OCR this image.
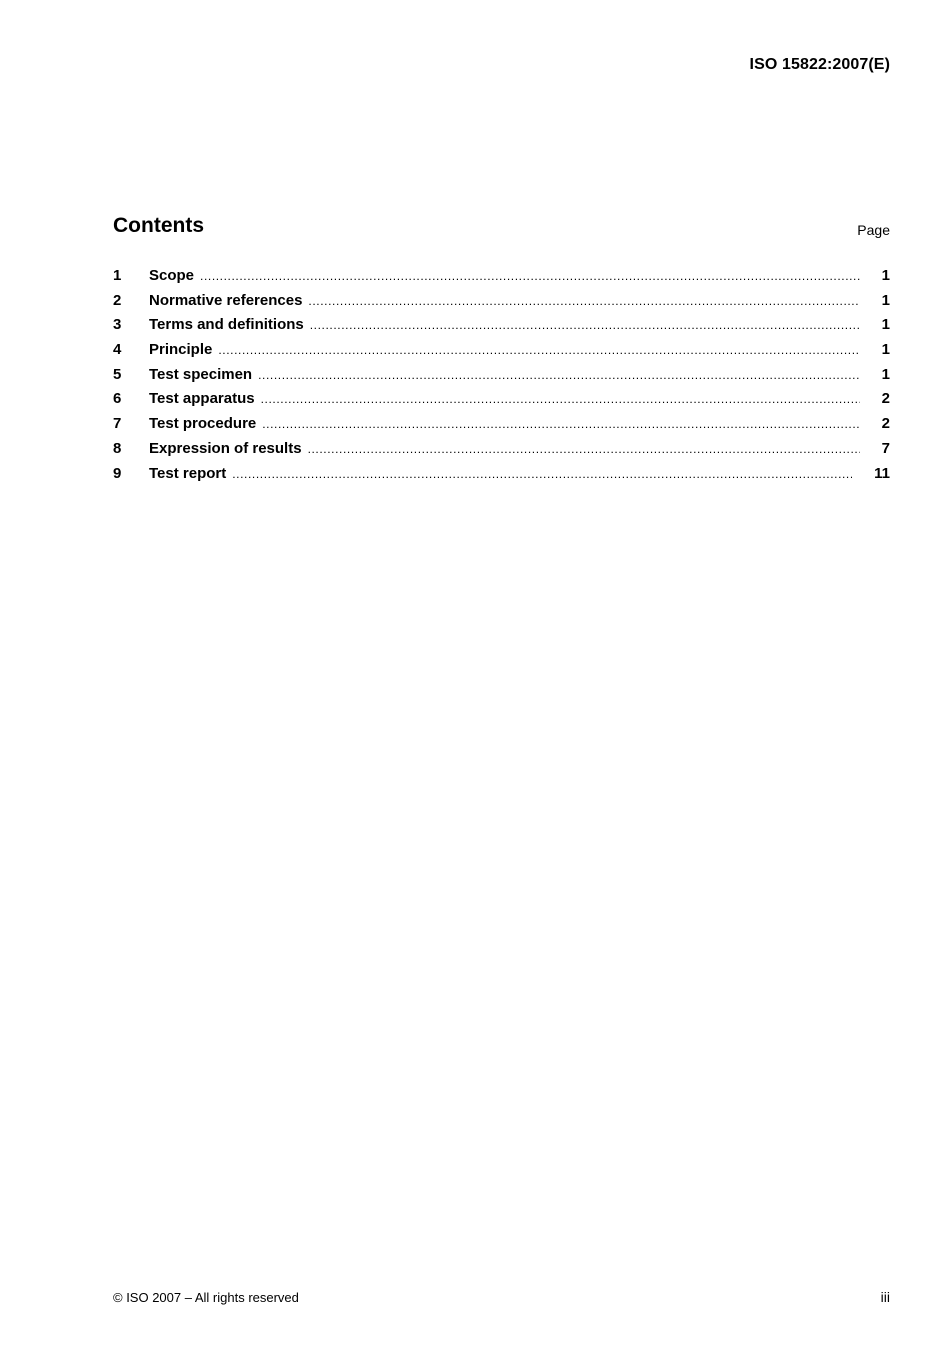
ISO 15822:2007(E)
Contents	Page
1	Scope .....	1
2	Normative references .....	1
3	Terms and definitions .....	1
4	Principle .....	1
5	Test specimen .....	1
6	Test apparatus .....	2
7	Test procedure .....	2
8	Expression of results .....	7
9	Test report .....	11
© ISO 2007 – All rights reserved	iii
